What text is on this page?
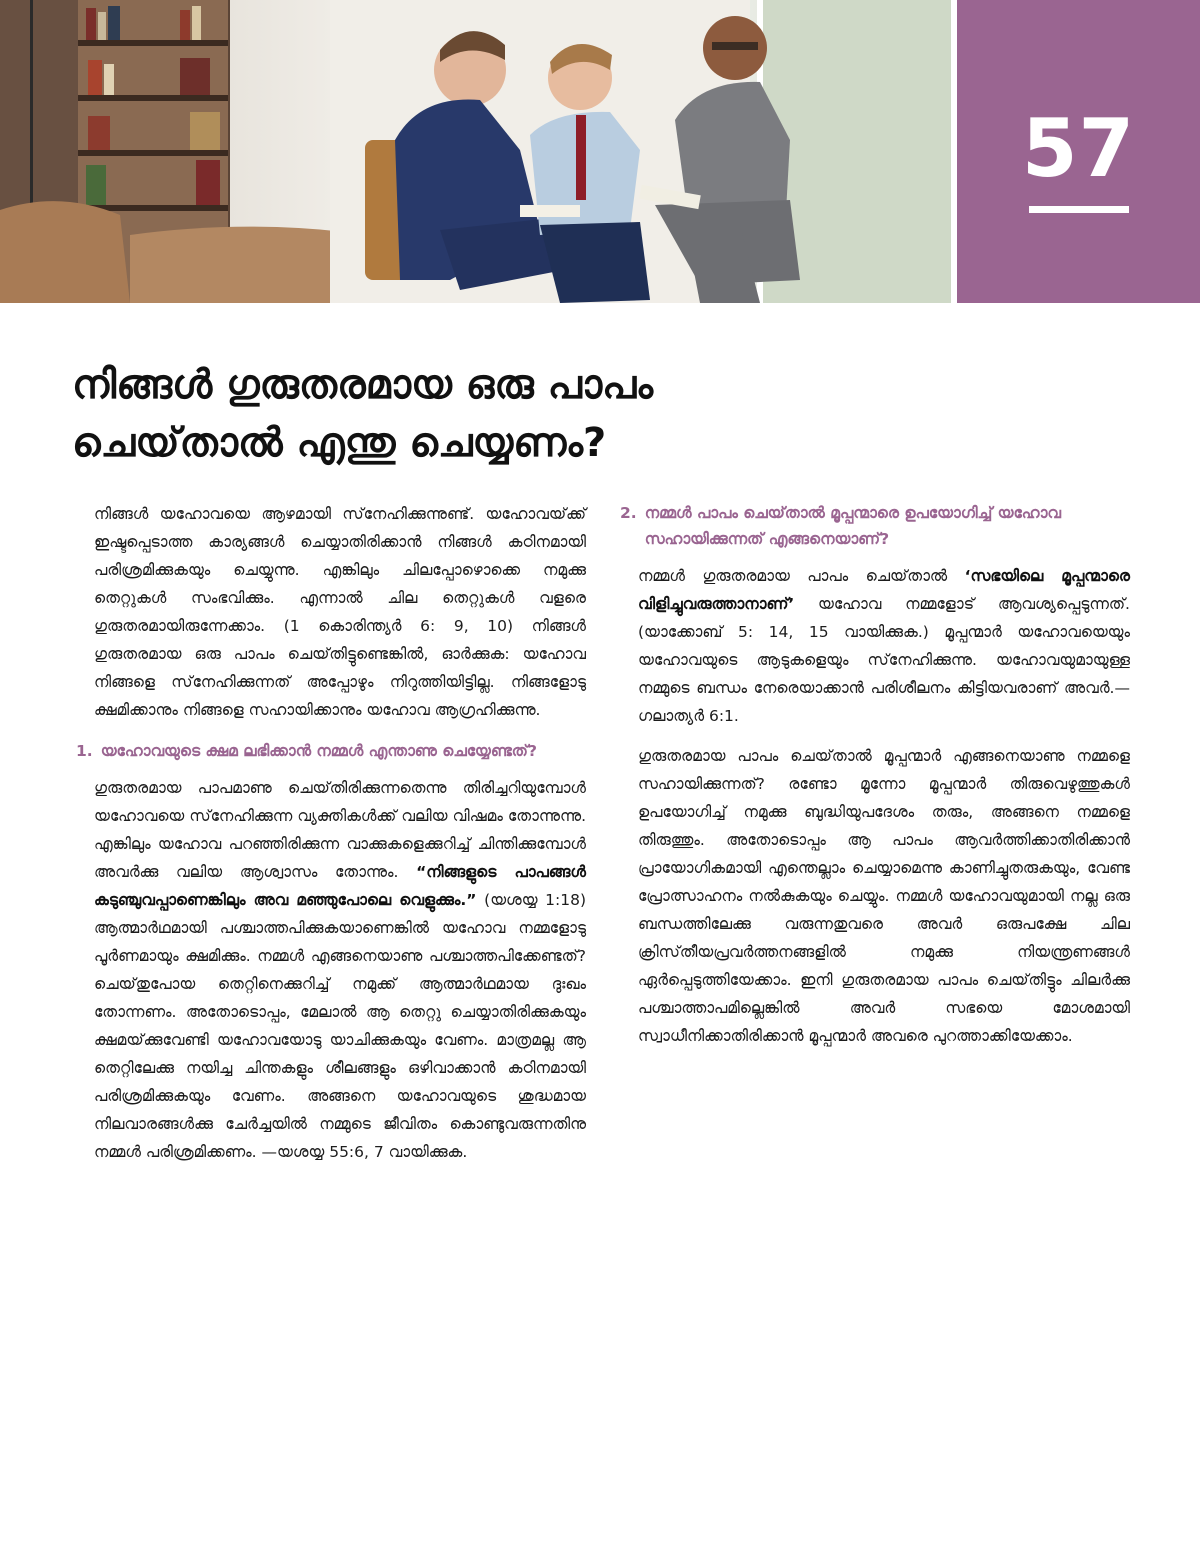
57
നിങ്ങൾ ഗുരുതരമായ ഒരു പാപം
ചെയ്‌താൽ എന്തു ചെയ്യണം?

നിങ്ങൾ യഹോവയെ ആഴമായി സ്‌നേഹിക്കുന്നുണ്ട്‌. യഹോവയ്‌ക്ക്‌ ഇഷ്ടപ്പെടാത്ത കാര്യങ്ങൾ ചെയ്യാതിരിക്കാൻ നിങ്ങൾ കഠിനമായി പരിശ്രമിക്കുകയും ചെയ്യുന്നു. എങ്കിലും ചിലപ്പോഴൊക്കെ നമുക്കു തെറ്റുകൾ സംഭവിക്കും. എന്നാൽ ചില തെറ്റുകൾ വളരെ ഗുരുതരമായിരുന്നേക്കാം. (1 കൊരിന്ത്യർ 6: 9, 10) നിങ്ങൾ ഗുരുതരമായ ഒരു പാപം ചെയ്‌തിട്ടുണ്ടെങ്കിൽ, ഓർക്കുക: യഹോവ നിങ്ങളെ സ്‌നേഹിക്കുന്നത്‌ അപ്പോഴും നിറുത്തിയിട്ടില്ല. നിങ്ങളോടു ക്ഷമിക്കാനും നിങ്ങളെ സഹായിക്കാനും യഹോവ ആഗ്രഹിക്കുന്നു.

1. യഹോവയുടെ ക്ഷമ ലഭിക്കാൻ നമ്മൾ എന്താണു ചെയ്യേണ്ടത്‌?

ഗുരുതരമായ പാപമാണു ചെയ്‌തിരിക്കുന്നതെന്നു തിരിച്ചറിയുമ്പോൾ യഹോവയെ സ്‌നേഹിക്കുന്ന വ്യക്തികൾക്ക്‌ വലിയ വിഷമം തോന്നുന്നു. എങ്കിലും യഹോവ പറഞ്ഞിരിക്കുന്ന വാക്കുകളെക്കുറിച്ച്‌ ചിന്തിക്കുമ്പോൾ അവർക്കു വലിയ ആശ്വാസം തോന്നും. “നിങ്ങളുടെ പാപങ്ങൾ കടുഞ്ചുവപ്പാണെങ്കിലും അവ മഞ്ഞുപോലെ വെളുക്കും.” (യശയ്യ 1:18) ആത്മാർഥമായി പശ്ചാത്തപിക്കുകയാണെങ്കിൽ യഹോവ നമ്മളോടു പൂർണമായും ക്ഷമിക്കും. നമ്മൾ എങ്ങനെയാണു പശ്ചാത്തപിക്കേണ്ടത്‌? ചെയ്‌തുപോയ തെറ്റിനെക്കുറിച്ച്‌ നമുക്ക്‌ ആത്മാർഥമായ ദുഃഖം തോന്നണം. അതോടൊപ്പം, മേലാൽ ആ തെറ്റു ചെയ്യാതിരിക്കുകയും ക്ഷമയ്‌ക്കുവേണ്ടി യഹോവയോടു യാചിക്കുകയും വേണം. മാത്രമല്ല ആ തെറ്റിലേക്കു നയിച്ച ചിന്തകളും ശീലങ്ങളും ഒഴിവാക്കാൻ കഠിനമായി പരിശ്രമിക്കുകയും വേണം. അങ്ങനെ യഹോവയുടെ ശുദ്ധമായ നിലവാരങ്ങൾക്കു ചേർച്ചയിൽ നമ്മുടെ ജീവിതം കൊണ്ടുവരുന്നതിനു നമ്മൾ പരിശ്രമിക്കണം. —യശയ്യ 55:6, 7 വായിക്കുക.

2. നമ്മൾ പാപം ചെയ്‌താൽ മൂപ്പന്മാരെ ഉപയോഗിച്ച്‌ യഹോവ സഹായിക്കുന്നത്‌ എങ്ങനെയാണ്‌?

നമ്മൾ ഗുരുതരമായ പാപം ചെയ്‌താൽ ‘സഭയിലെ മൂപ്പന്മാരെ വിളിച്ചുവരുത്താനാണ്‌’ യഹോവ നമ്മളോട്‌ ആവശ്യപ്പെടുന്നത്‌. (യാക്കോബ്‌ 5: 14, 15 വായിക്കുക.) മൂപ്പന്മാർ യഹോവയെയും യഹോവയുടെ ആടുകളെയും സ്‌നേഹിക്കുന്നു. യഹോവയുമായുള്ള നമ്മുടെ ബന്ധം നേരെയാക്കാൻ പരിശീലനം കിട്ടിയവരാണ്‌ അവർ.—ഗലാത്യർ 6:1.

ഗുരുതരമായ പാപം ചെയ്‌താൽ മൂപ്പന്മാർ എങ്ങനെയാണു നമ്മളെ സഹായിക്കുന്നത്‌? രണ്ടോ മൂന്നോ മൂപ്പന്മാർ തിരുവെഴുത്തുകൾ ഉപയോഗിച്ച്‌ നമുക്കു ബുദ്ധിയുപദേശം തരും, അങ്ങനെ നമ്മളെ തിരുത്തും. അതോടൊപ്പം ആ പാപം ആവർത്തിക്കാതിരിക്കാൻ പ്രായോഗികമായി എന്തെല്ലാം ചെയ്യാമെന്നു കാണിച്ചുതരുകയും, വേണ്ട പ്രോത്സാഹനം നൽകുകയും ചെയ്യും. നമ്മൾ യഹോവയുമായി നല്ല ഒരു ബന്ധത്തിലേക്കു വരുന്നതുവരെ അവർ ഒരുപക്ഷേ ചില ക്രിസ്‌തീയപ്രവർത്തനങ്ങളിൽ നമുക്കു നിയന്ത്രണങ്ങൾ ഏർപ്പെടുത്തിയേക്കാം. ഇനി ഗുരുതരമായ പാപം ചെയ്‌തിട്ടും ചിലർക്കു പശ്ചാത്താപമില്ലെങ്കിൽ അവർ സഭയെ മോശമായി സ്വാധീനിക്കാതിരിക്കാൻ മൂപ്പന്മാർ അവരെ പുറത്താക്കിയേക്കാം.
